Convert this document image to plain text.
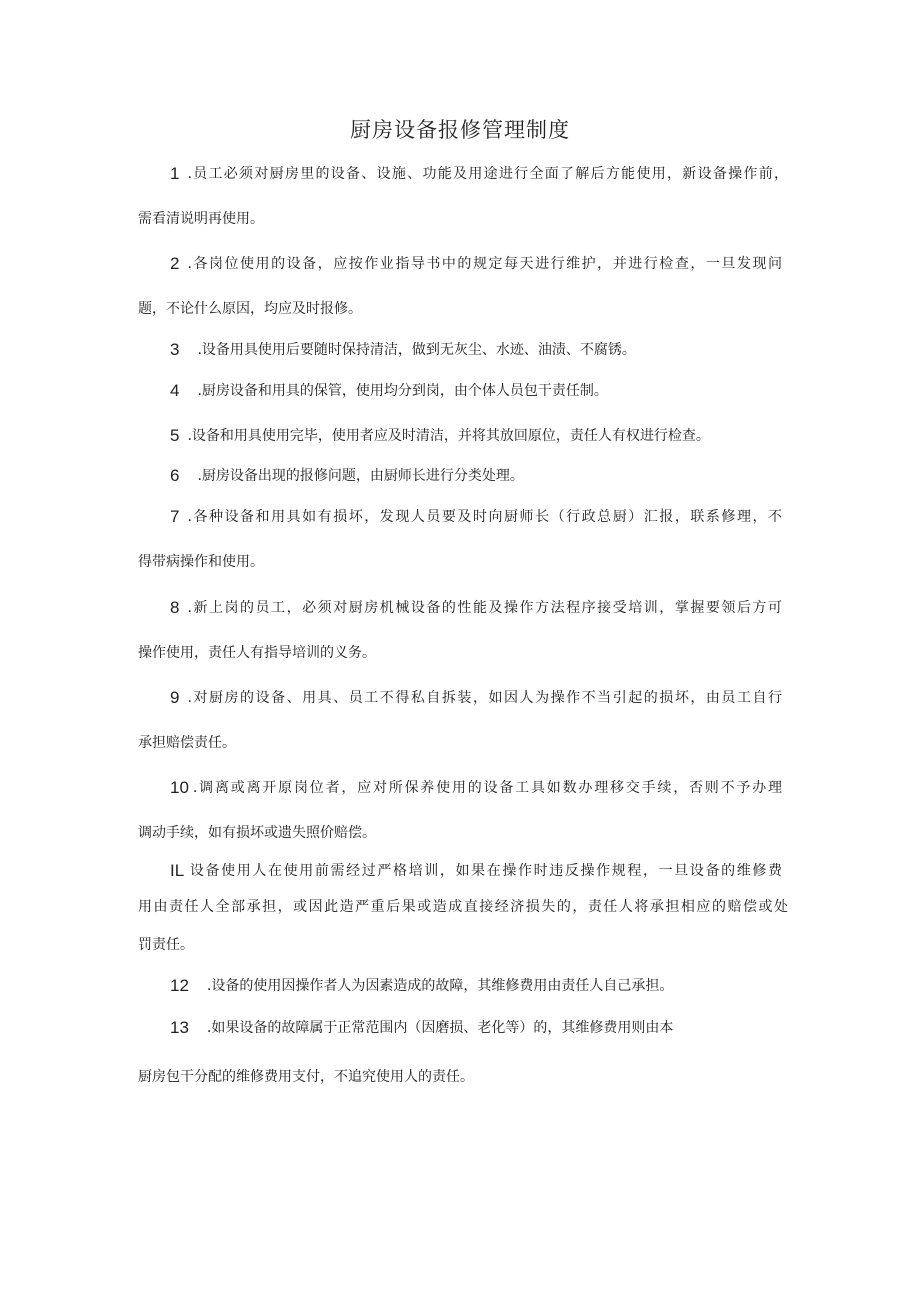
厨房设备报修管理制度
1 .员工必须对厨房里的设备、设施、功能及用途进行全面了解后方能使用，新设备操作前，
需看清说明再使用。
2 .各岗位使用的设备，应按作业指导书中的规定每天进行维护，并进行检查，一旦发现问
题，不论什么原因，均应及时报修。
3 .设备用具使用后要随时保持清洁，做到无灰尘、水迹、油渍、不腐锈。
4 .厨房设备和用具的保管，使用均分到岗，由个体人员包干责任制。
5 .设备和用具使用完毕，使用者应及时清洁，并将其放回原位，责任人有权进行检查。
6 .厨房设备出现的报修问题，由厨师长进行分类处理。
7 .各种设备和用具如有损坏，发现人员要及时向厨师长（行政总厨）汇报，联系修理，不
得带病操作和使用。
8 .新上岗的员工，必须对厨房机械设备的性能及操作方法程序接受培训，掌握要领后方可
操作使用，责任人有指导培训的义务。
9 .对厨房的设备、用具、员工不得私自拆装，如因人为操作不当引起的损坏，由员工自行
承担赔偿责任。
10 .调离或离开原岗位者，应对所保养使用的设备工具如数办理移交手续，否则不予办理
调动手续，如有损坏或遗失照价赔偿。
IL 设备使用人在使用前需经过严格培训，如果在操作时违反操作规程，一旦设备的维修费
用由责任人全部承担，或因此造严重后果或造成直接经济损失的，责任人将承担相应的赔偿或处
罚责任。
12 .设备的使用因操作者人为因素造成的故障，其维修费用由责任人自己承担。
13 .如果设备的故障属于正常范围内（因磨损、老化等）的，其维修费用则由本
厨房包干分配的维修费用支付，不追究使用人的责任。
